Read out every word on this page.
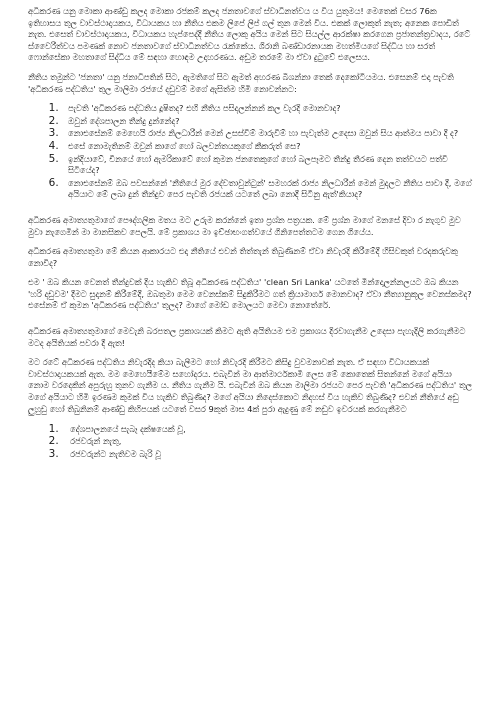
අධිකරණ යනු මොකා ආණ්ඩු කලද මොකා රජකම් කලද ජනතාවගේ ස්වාධීනත්වය ය විය යුතුමය! මෙතෙක් වසර 76ක ඉතිහාසය තුල වාවස්ථාදායකය, විධායකය හා නීතිය එකම ලිපේ ලිප් ගල් තුන මෙන් විය. එකක් ලොකුත් නැත; අනෙක පොඩිත් නැත. එසෙත් වාවස්ථාදායකය, විධායකය හැප්පෙද්දී නීතිය ලොකු අයිය මෙන් සිට සියල්ල ආරක්ෂා කරගෙන ප්‍රජාතන්ත්‍රවාදය, රටේ ස්වෛරීත්වය පමණක් නොව ජනතාවගේ ස්වාධීනත්වය රැක්කේය. ශිරානි බණ්ඩාරනායක මහත්මියගේ සිද්ධිය හා සරත් ෆොන්සේකා මහතාගේ සිද්ධිය මේ සඳහා හොඳම උදාහරණය. අඩුම තරමේ මා ඒවා දුටුවේ එලෙසය.

නීතිය තමුන්ට 'ජනතා' යනු ජනාධිපතින් සිට, ඇමතිගේ සිට ඇමත් අහරණ බිශන්නා තෙක් දෙකෝටියමය. එසෙනම් එදා පැවති 'අධිකරණ පද්ධතිය' තුල මාලිමා රජයේ දඩුවම් මගේ ඇසිත්ම හිමි නොවන්නට:

1. පැවති 'අධිකරණ පද්ධතිය දූෂිතද? එහි නීතිය පසිදලන්නන් කල වැරදි මොනවාද?
2. ඔවුන් දේශපාලන තීන්දු දුන්නේද?
3. නොඑසේනම් මෙහෙයි රාජ්‍ය නිලධාරීන් මෙන් උසස්වීම් මාරුවීම් හා පැවැත්ම උදෙසා ඔවුන් සිය ආත්මය පාවා දී ද?
4. එසේ නොමැතිනම් ඔවුන් කාගේ හෝ බලවන්තයකුගේ කීකරුත් සෙ?
5. ඉන්දියාවේ, චීනයේ හෝ ඇමරිකාවේ හෝ කුමන ජනතෙකුගේ හෝ බලපෑමට තීන්දු තීරණ දෙන තත්වයට පත්වී සිටියේද?
6. නොඑසේනම් ඔබ පවසන්නේ 'නීතියේ මුර දේවතාවුන්ටුන්' සමහරක් රාජ්‍ය නිලධාරීන් මෙන් මුදලට නීතිය පාවා දී, මගේ අයියාට මේ ලබා දුන් තීන්දුව පෙර පැවති රජයක් යටතේ ලබා නොදී සිටීනු ඇත්'කියාද?

අධිකරණ අමාත්‍යතුමාගේ පෞද්ගලික මතය මට උරුම කරන්නේ ඉතා ප්‍රශ්න පත්‍රයක. මේ ප්‍රශ්න මාගේ මනසේ දිවා ර නැගුව මුව මුවා නැගෙමින් මා මානසිකව පෙලයි. මේ ප්‍රකාශය මා ඉච්ඡාභංගත්වයේ ගිනිපෙත්තටම ගෙන ගියේය.

අධිකරණ අමාත්‍යතුමා මේ කියන ආකාරයට එදා නීතියේ එවන් තිත්තැන් තිබුණිනම් ඒවා නිවැරදි කිරීමේදී හිසිවකුත් වරදකරුවකු නොවිද?

එම ' ඔබ කියන වෙනත් තීන්දුවක් දිය හැකිව තිබූ අධිකරණ පද්ධතිය' 'clean Sri Lanka' යටතේ මින්දොලන්නලයට ඔබ කියන 'හරි දඩුවම' දීමට සුදානම් කිරීමේදී, ඔබතුමා මෙම වෙනස්කම් සිදුකිරීමට ගත් ක්‍රියාමාර්ග මොනවාද? ඒවා නීත්‍යානුකූල වෙනස්කමද? එසේනම් ඒ කුමන 'අධිකරණ පද්ධතිය' තුලද? මාගේ මෝඩ මොලයට මෙවා නොතේරේ.

අධිකරණ අමාත්‍යතුමාගේ මෙවැනි බරපතල ප්‍රකාශයක් කිමට ඇති අයිතියම එම ප්‍රකාශය දිරවාගැනීම උදෙසා පැහැදිලි කරගැනීමට මටද අයිතියක් පවරා දී ඇත!

මට රටේ අධිකරණ පද්ධතිය නිවැරදිද කියා බැලීමට හෝ නිවැරදි කිරීමට කිසිදු වුවමනාවක් නැත. ඒ සඳහා විධායකයක් වාවස්ථාදායකයක් ඇත. මම මෙහෙයීමේම සහෝදරය. එබැවින් මා ආත්මාර්ථකාමී ලෙස මේ කොතෙක් සිතන්නේ මගේ අයියා නොම වරදෙකින් අපුරුහු තුනව ගැනීම ය. නීතිය ගැනීම යි. එබැවින් ඔබ කියන මාලිමා රජයට පෙර පැවති 'අධිකරණ පද්ධතිය' තුල මගේ අයියාට හිමි ඉරණම කුමක් විය හැකිව තිබුණිද? මගේ අයියා නිදෙස්කොට නිදහස් විය හැකිව තිබුණිද? එවන් නීතියේ අඩු ලුහුඩු හෝ තිබුනිනම් ආණ්ඩු කිහිපයක් යටතේ වසර 9කුත් මාස 4ක් පුරා ඇදුණු මේ නඩුව ඉවරයක් කරගැනීමට

1. දේශපාලනයේ සැබෑ දක්ෂයෙක් වූ,
2. රජවරුන් නැතු,
3. රජවරුන්ට නැතිවම බැරි වූ
